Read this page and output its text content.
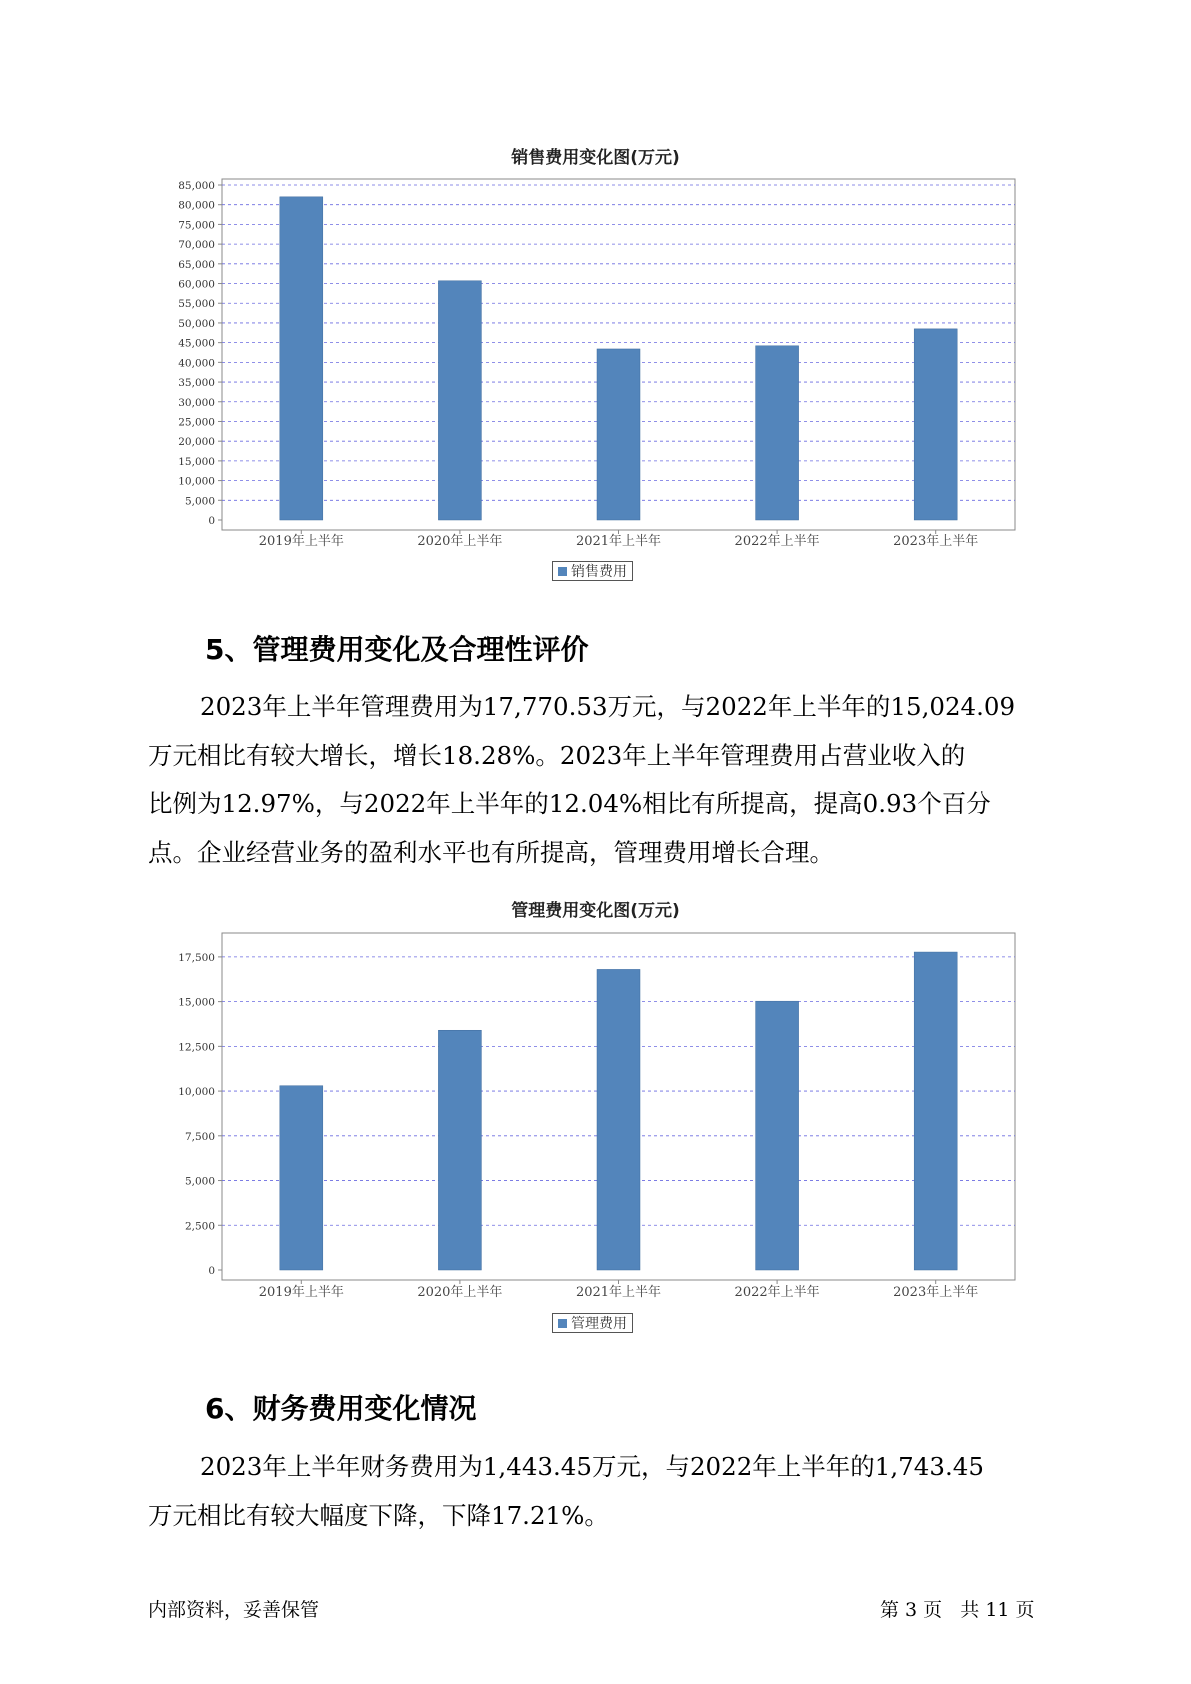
销售费用变化图(万元)
0
5,000
10,000
15,000
20,000
25,000
30,000
35,000
40,000
45,000
50,000
55,000
60,000
65,000
70,000
75,000
80,000
85,000
2019年上半年	2020年上半年	2021年上半年	2022年上半年	2023年上半年
销售费用
5、管理费用变化及合理性评价
2023年上半年管理费用为17,770.53万元，与2022年上半年的15,024.09
万元相比有较大增长，增长18.28%。2023年上半年管理费用占营业收入的
比例为12.97%，与2022年上半年的12.04%相比有所提高，提高0.93个百分
点。企业经营业务的盈利水平也有所提高，管理费用增长合理。
管理费用变化图(万元)
0
2,500
5,000
7,500
10,000
12,500
15,000
17,500
2019年上半年	2020年上半年	2021年上半年	2022年上半年	2023年上半年
管理费用
6、财务费用变化情况
2023年上半年财务费用为1,443.45万元，与2022年上半年的1,743.45
万元相比有较大幅度下降，下降17.21%。
内部资料，妥善保管	第 3 页   共 11 页
